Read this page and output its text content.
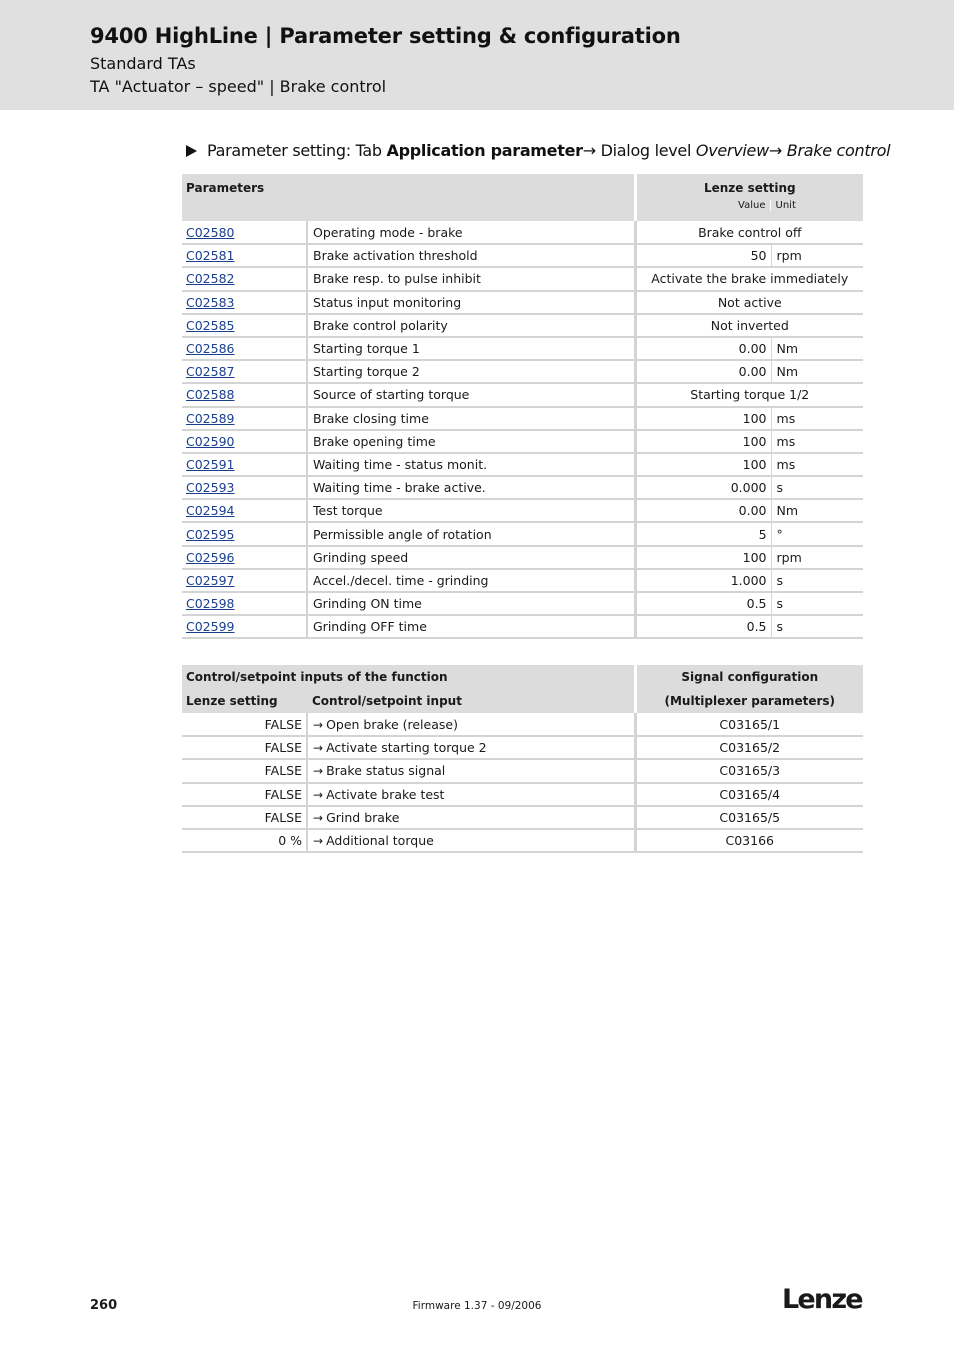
9400 HighLine | Parameter setting & configuration
Standard TAs
TA "Actuator – speed" | Brake control
Parameter setting: Tab Application parameter→ Dialog level Overview→ Brake control
Parameters		Lenze setting
Value Unit	

C02580	Operating mode - brake	Brake control off	
C02581	Brake activation threshold	50	rpm
C02582	Brake resp. to pulse inhibit	Activate the brake immediately	
C02583	Status input monitoring	Not active	
C02585	Brake control polarity	Not inverted	
C02586	Starting torque 1	0.00	Nm
C02587	Starting torque 2	0.00	Nm
C02588	Source of starting torque	Starting torque 1/2	
C02589	Brake closing time	100	ms
C02590	Brake opening time	100	ms
C02591	Waiting time - status monit.	100	ms
C02593	Waiting time - brake active.	0.000	s
C02594	Test torque	0.00	Nm
C02595	Permissible angle of rotation	5	°
C02596	Grinding speed	100	rpm
C02597	Accel./decel. time - grinding	1.000	s
C02598	Grinding ON time	0.5	s
C02599	Grinding OFF time	0.5	s
Control/setpoint inputs of the function		Signal configuration
Lenze setting	Control/setpoint input	(Multiplexer parameters)
FALSE	→ Open brake (release)	C03165/1
FALSE	→ Activate starting torque 2	C03165/2
FALSE	→ Brake status signal	C03165/3
FALSE	→ Activate brake test	C03165/4
FALSE	→ Grind brake	C03165/5
0 %	→ Additional torque	C03166
260	Firmware 1.37 - 09/2006	Lenze
